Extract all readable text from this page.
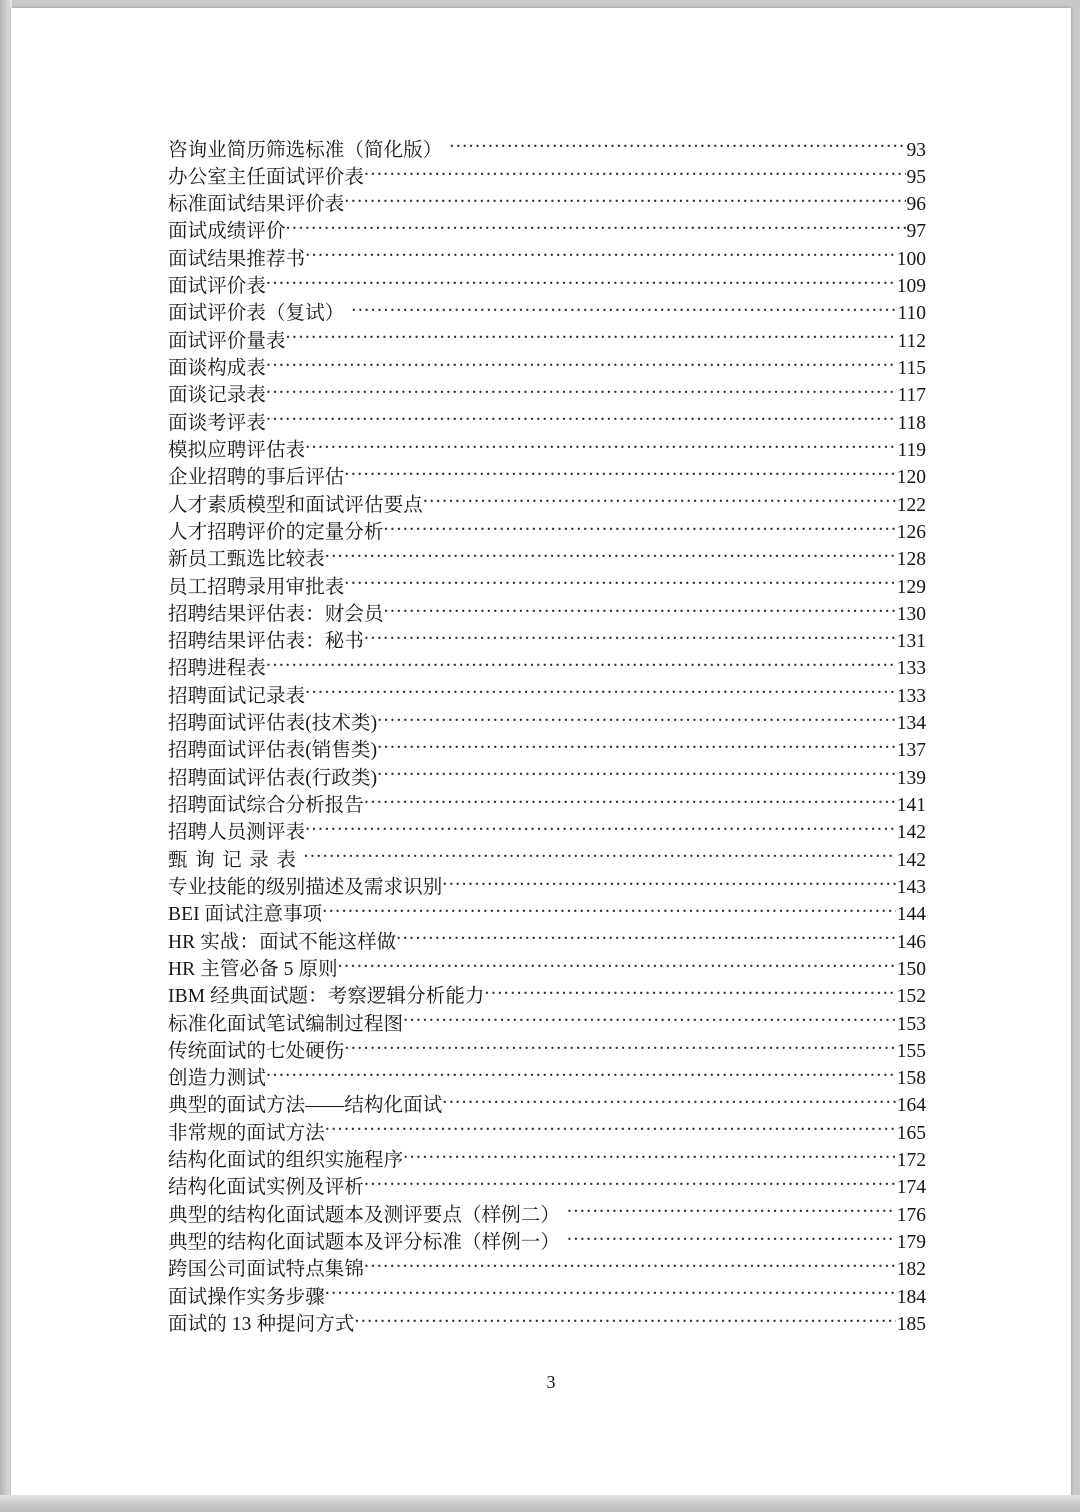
咨询业简历筛选标准（简化版） .....	93
办公室主任面试评价表 .....	95
标准面试结果评价表 .....	96
面试成绩评价 .....	97
面试结果推荐书 .....	100
面试评价表 .....	109
面试评价表（复试） .....	110
面试评价量表 .....	112
面谈构成表 .....	115
面谈记录表 .....	117
面谈考评表 .....	118
模拟应聘评估表 .....	119
企业招聘的事后评估 .....	120
人才素质模型和面试评估要点 .....	122
人才招聘评价的定量分析 .....	126
新员工甄选比较表 .....	128
员工招聘录用审批表 .....	129
招聘结果评估表：财会员 .....	130
招聘结果评估表：秘书 .....	131
招聘进程表 .....	133
招聘面试记录表 .....	133
招聘面试评估表(技术类) .....	134
招聘面试评估表(销售类) .....	137
招聘面试评估表(行政类) .....	139
招聘面试综合分析报告 .....	141
招聘人员测评表 .....	142
甄询记录表 .....	142
专业技能的级别描述及需求识别 .....	143
BEI 面试注意事项 .....	144
HR 实战：面试不能这样做 .....	146
HR 主管必备 5 原则 .....	150
IBM 经典面试题：考察逻辑分析能力 .....	152
标准化面试笔试编制过程图 .....	153
传统面试的七处硬伤 .....	155
创造力测试 .....	158
典型的面试方法——结构化面试 .....	164
非常规的面试方法 .....	165
结构化面试的组织实施程序 .....	172
结构化面试实例及评析 .....	174
典型的结构化面试题本及测评要点（样例二） .....	176
典型的结构化面试题本及评分标准（样例一） .....	179
跨国公司面试特点集锦 .....	182
面试操作实务步骤 .....	184
面试的 13 种提问方式 .....	185
3
